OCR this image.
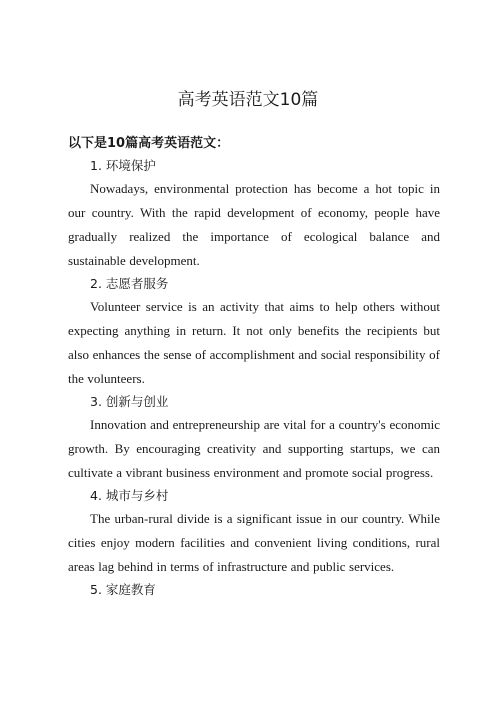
高考英语范文10篇
以下是10篇高考英语范文：
1. 环境保护

Nowadays, environmental protection has become a hot topic in our country. With the rapid development of economy, people have gradually realized the importance of ecological balance and sustainable development.

2. 志愿者服务

Volunteer service is an activity that aims to help others without expecting anything in return. It not only benefits the recipients but also enhances the sense of accomplishment and social responsibility of the volunteers.

3. 创新与创业

Innovation and entrepreneurship are vital for a country's economic growth. By encouraging creativity and supporting startups, we can cultivate a vibrant business environment and promote social progress.

4. 城市与乡村

The urban-rural divide is a significant issue in our country. While cities enjoy modern facilities and convenient living conditions, rural areas lag behind in terms of infrastructure and public services.

5. 家庭教育
